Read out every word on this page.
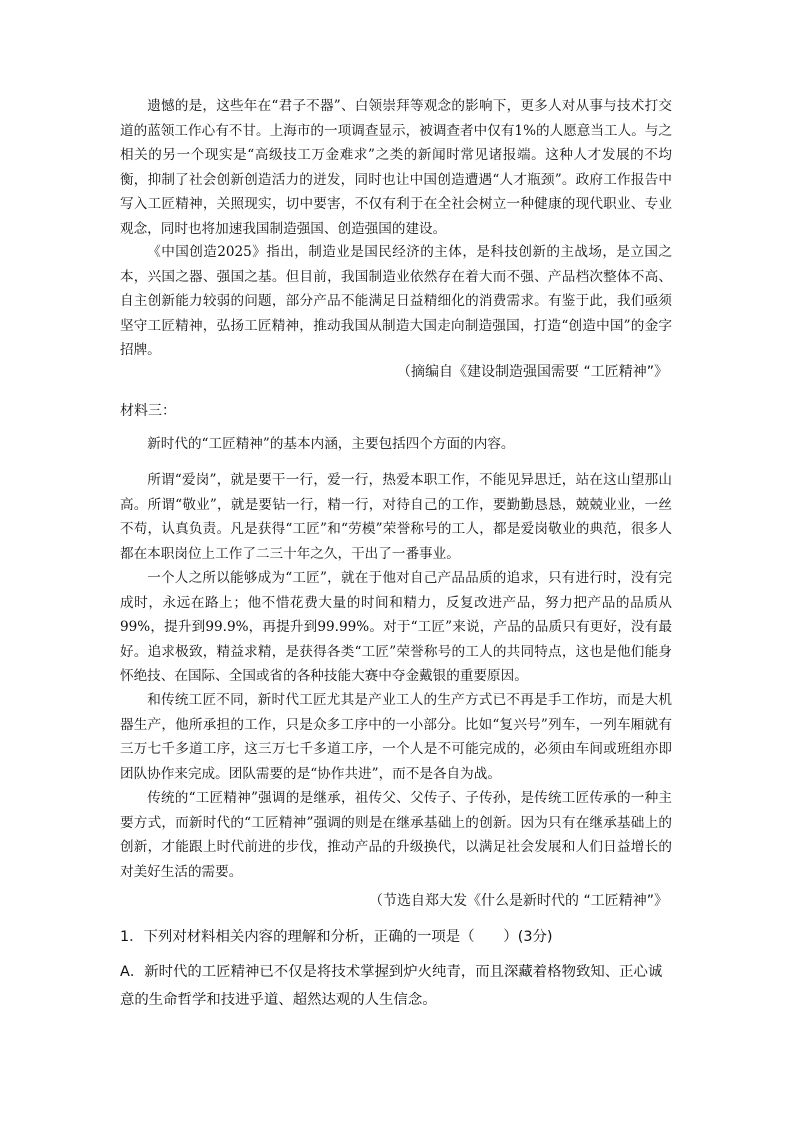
遗憾的是，这些年在“君子不器”、白领崇拜等观念的影响下，更多人对从事与技术打交道的蓝领工作心有不甘。上海市的一项调查显示，被调查者中仅有1%的人愿意当工人。与之相关的另一个现实是“高级技工万金难求”之类的新闻时常见诸报端。这种人才发展的不均衡，抑制了社会创新创造活力的迸发，同时也让中国创造遭遇“人才瓶颈”。政府工作报告中写入工匠精神，关照现实，切中要害，不仅有利于在全社会树立一种健康的现代职业、专业观念，同时也将加速我国制造强国、创造强国的建设。

《中国创造2025》指出，制造业是国民经济的主体，是科技创新的主战场，是立国之本，兴国之器、强国之基。但目前，我国制造业依然存在着大而不强、产品档次整体不高、自主创新能力较弱的问题，部分产品不能满足日益精细化的消费需求。有鉴于此，我们亟须坚守工匠精神，弘扬工匠精神，推动我国从制造大国走向制造强国，打造“创造中国”的金字招牌。

（摘编自《建设制造强国需要 “工匠精神”》

材料三：

新时代的“工匠精神”的基本内涵，主要包括四个方面的内容。

所谓“爱岗”，就是要干一行，爱一行，热爱本职工作，不能见异思迁，站在这山望那山高。所谓“敬业”，就是要钻一行，精一行，对待自己的工作，要勤勤恳恳，兢兢业业，一丝不苟，认真负责。凡是获得“工匠”和“劳模”荣誉称号的工人，都是爱岗敬业的典范，很多人都在本职岗位上工作了二三十年之久，干出了一番事业。

一个人之所以能够成为“工匠”，就在于他对自己产品品质的追求，只有进行时，没有完成时，永远在路上；他不惜花费大量的时间和精力，反复改进产品，努力把产品的品质从99%，提升到99.9%，再提升到99.99%。对于“工匠”来说，产品的品质只有更好，没有最好。追求极致，精益求精，是获得各类“工匠”荣誉称号的工人的共同特点，这也是他们能身怀绝技、在国际、全国或省的各种技能大赛中夺金戴银的重要原因。

和传统工匠不同，新时代工匠尤其是产业工人的生产方式已不再是手工作坊，而是大机器生产，他所承担的工作，只是众多工序中的一小部分。比如“复兴号”列车，一列车厢就有三万七千多道工序，这三万七千多道工序，一个人是不可能完成的，必须由车间或班组亦即团队协作来完成。团队需要的是“协作共进”，而不是各自为战。

传统的“工匠精神”强调的是继承，祖传父、父传子、子传孙，是传统工匠传承的一种主要方式，而新时代的“工匠精神”强调的则是在继承基础上的创新。因为只有在继承基础上的创新，才能跟上时代前进的步伐，推动产品的升级换代，以满足社会发展和人们日益增长的对美好生活的需要。

（节选自郑大发《什么是新时代的 “工匠精神”》

1．下列对材料相关内容的理解和分析，正确的一项是（　　）(3分)

A．新时代的工匠精神已不仅是将技术掌握到炉火纯青，而且深藏着格物致知、正心诚意的生命哲学和技进乎道、超然达观的人生信念。
